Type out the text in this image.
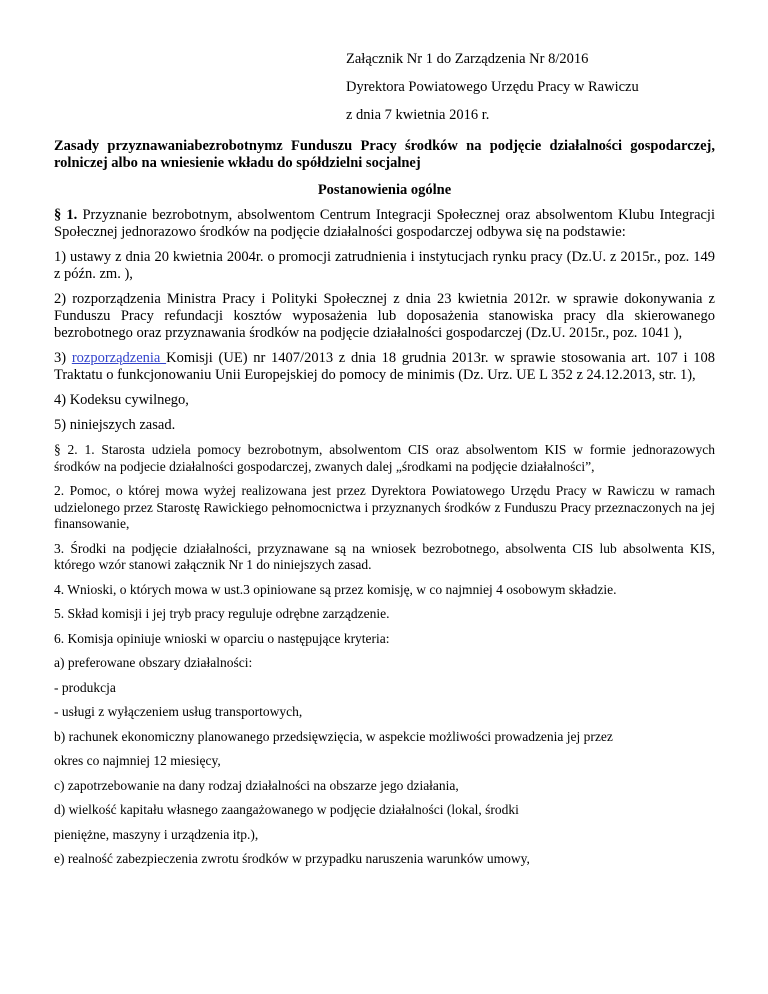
Załącznik Nr 1 do Zarządzenia Nr 8/2016
Dyrektora Powiatowego Urzędu Pracy w Rawiczu
z dnia 7 kwietnia 2016 r.

Zasady przyznawaniabezrobotnymz Funduszu Pracy środków na podjęcie działalności gospodarczej, rolniczej albo na wniesienie wkładu do spółdzielni socjalnej

Postanowienia ogólne

§ 1. Przyznanie bezrobotnym, absolwentom Centrum Integracji Społecznej oraz absolwentom Klubu Integracji Społecznej jednorazowo środków na podjęcie działalności gospodarczej odbywa się na podstawie:

1) ustawy z dnia 20 kwietnia 2004r. o promocji zatrudnienia i instytucjach rynku pracy (Dz.U. z 2015r., poz. 149 z późn. zm. ),

2) rozporządzenia Ministra Pracy i Polityki Społecznej z dnia 23 kwietnia 2012r. w sprawie dokonywania z Funduszu Pracy refundacji kosztów wyposażenia lub doposażenia stanowiska pracy dla skierowanego bezrobotnego oraz przyznawania środków na podjęcie działalności gospodarczej (Dz.U. 2015r., poz. 1041 ),

3) rozporządzenia Komisji (UE) nr 1407/2013 z dnia 18 grudnia 2013r. w sprawie stosowania art. 107 i 108 Traktatu o funkcjonowaniu Unii Europejskiej do pomocy de minimis (Dz. Urz. UE L 352 z 24.12.2013, str. 1),

4) Kodeksu cywilnego,

5) niniejszych zasad.

§ 2. 1. Starosta udziela pomocy bezrobotnym, absolwentom CIS oraz absolwentom KIS w formie jednorazowych środków na podjecie działalności gospodarczej, zwanych dalej „środkami na podjęcie działalności”,

2. Pomoc, o której mowa wyżej realizowana jest przez Dyrektora Powiatowego Urzędu Pracy w Rawiczu w ramach udzielonego przez Starostę Rawickiego pełnomocnictwa i przyznanych środków z Funduszu Pracy przeznaczonych na jej finansowanie,

3. Środki na podjęcie działalności, przyznawane są na wniosek bezrobotnego, absolwenta CIS lub absolwenta KIS, którego wzór stanowi załącznik Nr 1 do niniejszych zasad.

4. Wnioski, o których mowa w ust.3 opiniowane są przez komisję, w co najmniej 4 osobowym składzie.

5. Skład komisji i jej tryb pracy reguluje odrębne zarządzenie.

6. Komisja opiniuje wnioski w oparciu o następujące kryteria:

a) preferowane obszary działalności:

- produkcja

- usługi z wyłączeniem usług transportowych,

b) rachunek ekonomiczny planowanego przedsięwzięcia, w aspekcie możliwości prowadzenia jej przez

okres co najmniej 12 miesięcy,

c) zapotrzebowanie na dany rodzaj działalności na obszarze jego działania,

d) wielkość kapitału własnego zaangażowanego w podjęcie działalności (lokal, środki

pieniężne, maszyny i urządzenia itp.),

e) realność zabezpieczenia zwrotu środków w przypadku naruszenia warunków umowy,
